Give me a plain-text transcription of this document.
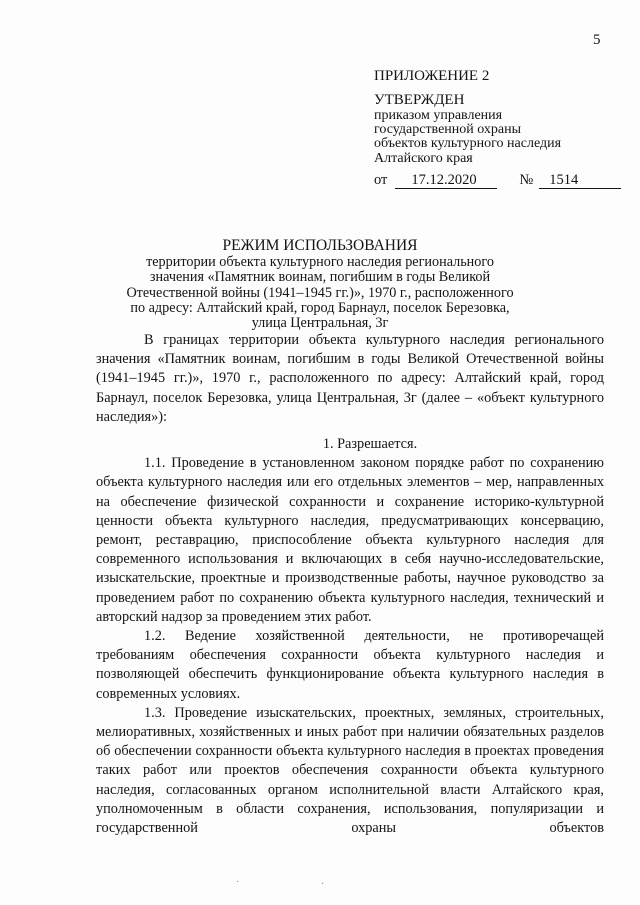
5
ПРИЛОЖЕНИЕ 2
УТВЕРЖДЕН
приказом управления
государственной охраны
объектов культурного наследия
Алтайского края
от 17.12.2020	№ 1514
РЕЖИМ ИСПОЛЬЗОВАНИЯ
территории объекта культурного наследия регионального
значения «Памятник воинам, погибшим в годы Великой
Отечественной войны (1941–1945 гг.)», 1970 г., расположенного
по адресу: Алтайский край, город Барнаул, поселок Березовка,
улица Центральная, 3г

В границах территории объекта культурного наследия регионального значения «Памятник воинам, погибшим в годы Великой Отечественной войны (1941–1945 гг.)», 1970 г., расположенного по адресу: Алтайский край, город Барнаул, поселок Березовка, улица Центральная, 3г (далее – «объект культурного наследия»):

1. Разрешается.

1.1. Проведение в установленном законом порядке работ по сохранению объекта культурного наследия или его отдельных элементов – мер, направленных на обеспечение физической сохранности и сохранение историко-культурной ценности объекта культурного наследия, предусматривающих консервацию, ремонт, реставрацию, приспособление объекта культурного наследия для современного использования и включающих в себя научно-исследовательские, изыскательские, проектные и производственные работы, научное руководство за проведением работ по сохранению объекта культурного наследия, технический и авторский надзор за проведением этих работ.

1.2. Ведение хозяйственной деятельности, не противоречащей требованиям обеспечения сохранности объекта культурного наследия и позволяющей обеспечить функционирование объекта культурного наследия в современных условиях.

1.3. Проведение изыскательских, проектных, земляных, строительных, мелиоративных, хозяйственных и иных работ при наличии обязательных разделов об обеспечении сохранности объекта культурного наследия в проектах проведения таких работ или проектов обеспечения сохранности объекта культурного наследия, согласованных органом исполнительной власти Алтайского края, уполномоченным в области сохранения, использования, популяризации и государственной охраны объектов

·	·
